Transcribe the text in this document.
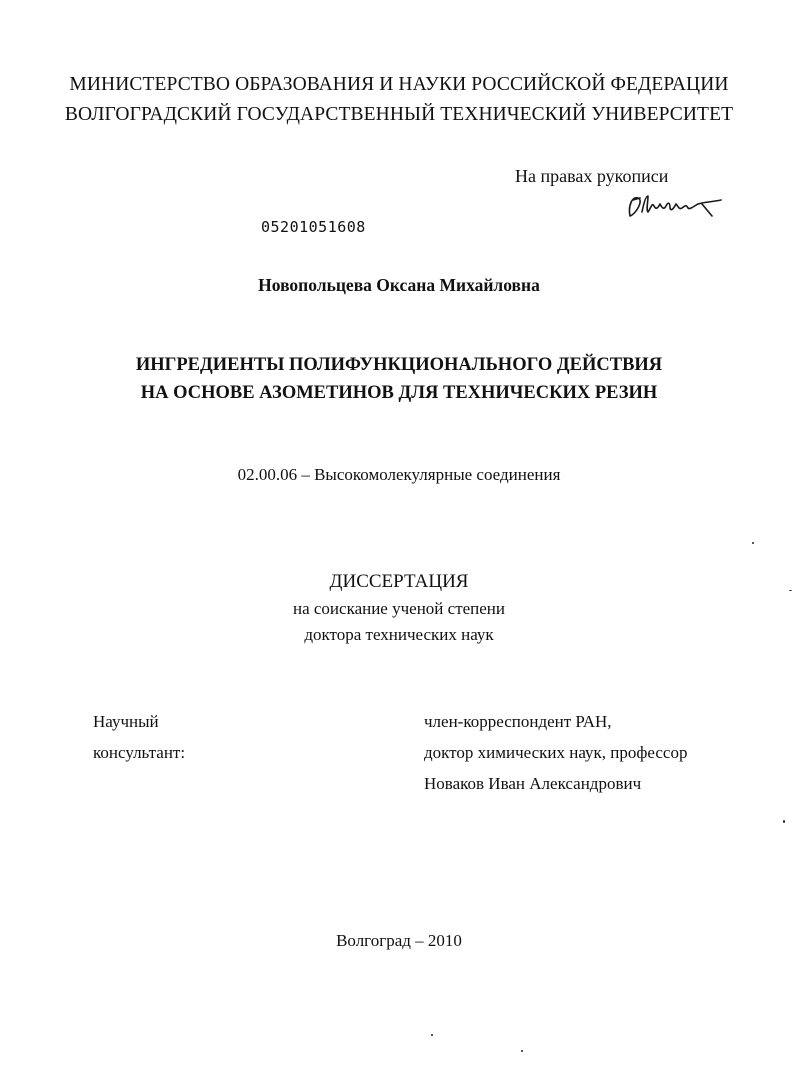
МИНИСТЕРСТВО ОБРАЗОВАНИЯ И НАУКИ РОССИЙСКОЙ ФЕДЕРАЦИИ
ВОЛГОГРАДСКИЙ ГОСУДАРСТВЕННЫЙ ТЕХНИЧЕСКИЙ УНИВЕРСИТЕТ
На правах рукописи
05201051608
Новопольцева Оксана Михайловна
ИНГРЕДИЕНТЫ ПОЛИФУНКЦИОНАЛЬНОГО ДЕЙСТВИЯ
НА ОСНОВЕ АЗОМЕТИНОВ ДЛЯ ТЕХНИЧЕСКИХ РЕЗИН
02.00.06 – Высокомолекулярные соединения
ДИССЕРТАЦИЯ
на соискание ученой степени
доктора технических наук
Научный
консультант:
член-корреспондент РАН,
доктор химических наук, профессор
Новаков Иван Александрович
Волгоград – 2010
